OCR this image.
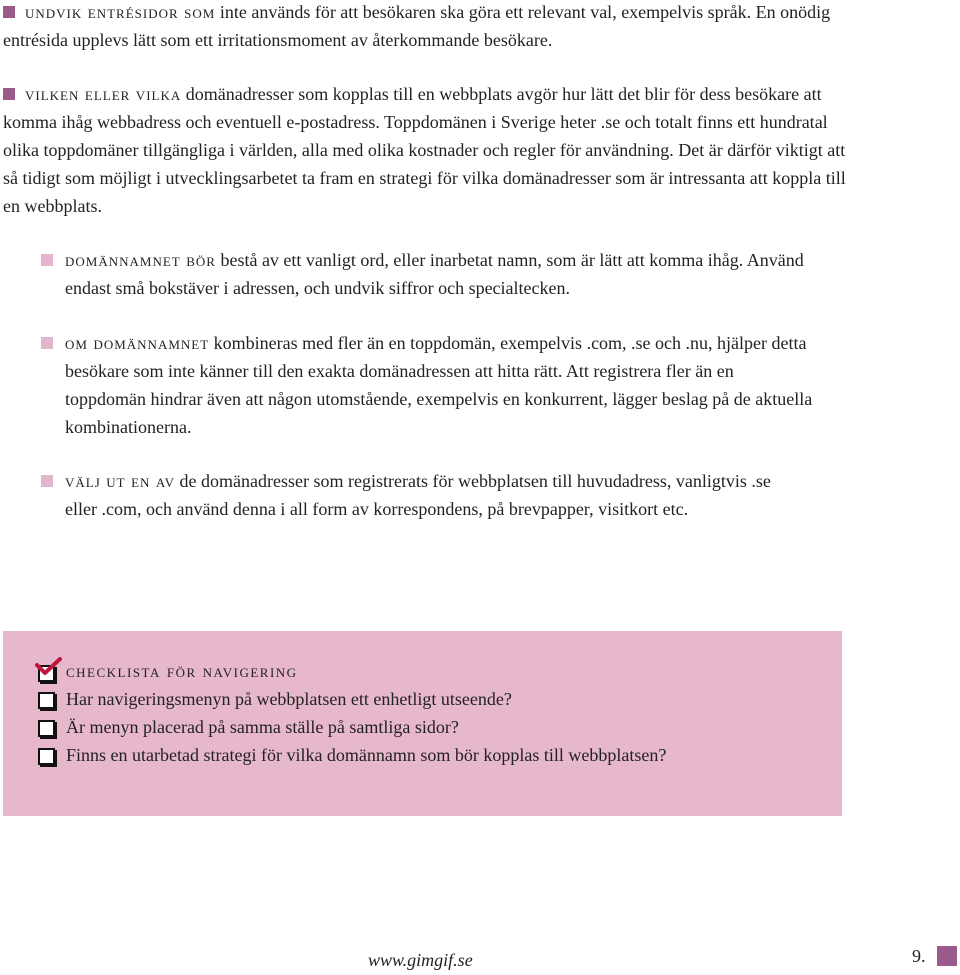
undvik entrésidor som inte används för att besökaren ska göra ett relevant val, exempelvis språk. En onödig entrésida upplevs lätt som ett irritationsmoment av återkommande besökare.

vilken eller vilka domänadresser som kopplas till en webbplats avgör hur lätt det blir för dess besökare att komma ihåg webbadress och eventuell e-postadress. Toppdomänen i Sverige heter .se och totalt finns ett hundratal olika toppdomäner tillgängliga i världen, alla med olika kostnader och regler för användning. Det är därför viktigt att så tidigt som möjligt i utvecklingsarbetet ta fram en strategi för vilka domänadresser som är intressanta att koppla till en webbplats.

domännamnet bör bestå av ett vanligt ord, eller inarbetat namn, som är lätt att komma ihåg. Använd endast små bokstäver i adressen, och undvik siffror och specialtecken.

om domännamnet kombineras med fler än en toppdomän, exempelvis .com, .se och .nu, hjälper detta besökare som inte känner till den exakta domänadressen att hitta rätt. Att registrera fler än en toppdomän hindrar även att någon utomstående, exempelvis en konkurrent, lägger beslag på de aktuella kombinationerna.

välj ut en av de domänadresser som registrerats för webbplatsen till huvudadress, vanligtvis .se eller .com, och använd denna i all form av korrespondens, på brevpapper, visitkort etc.

checklista för navigering
Har navigeringsmenyn på webbplatsen ett enhetligt utseende?
Är menyn placerad på samma ställe på samtliga sidor?
Finns en utarbetad strategi för vilka domännamn som bör kopplas till webbplatsen?
www.gimgif.se	9.
